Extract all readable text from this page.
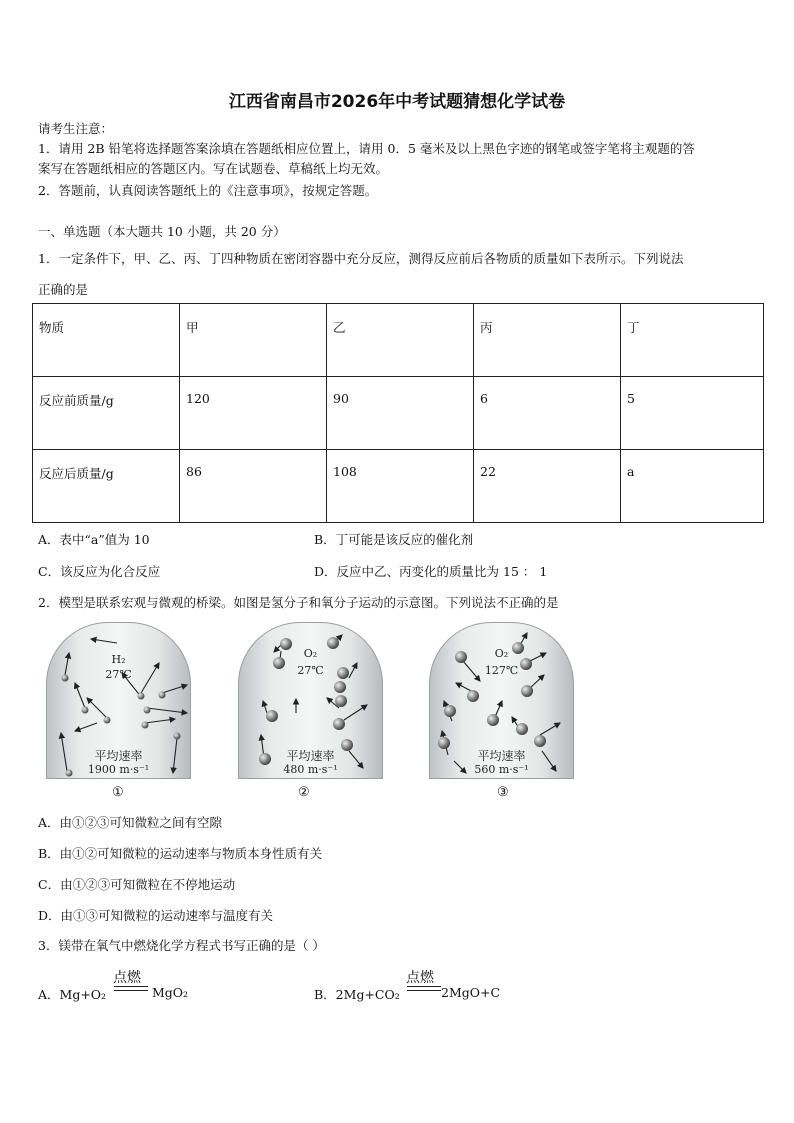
江西省南昌市2026年中考试题猜想化学试卷
请考生注意：
1．请用 2B 铅笔将选择题答案涂填在答题纸相应位置上，请用 0．5 毫米及以上黑色字迹的钢笔或签字笔将主观题的答
案写在答题纸相应的答题区内。写在试题卷、草稿纸上均无效。
2．答题前，认真阅读答题纸上的《注意事项》，按规定答题。
一、单选题（本大题共 10 小题，共 20 分）
1．一定条件下，甲、乙、丙、丁四种物质在密闭容器中充分反应，测得反应前后各物质的质量如下表所示。下列说法
正确的是
物质	甲	乙	丙	丁
反应前质量/g	120	90	6	5
反应后质量/g	86	108	22	a
A．表中“a”值为 10	B．丁可能是该反应的催化剂
C．该反应为化合反应	D．反应中乙、丙变化的质量比为 15 ： 1
2．模型是联系宏观与微观的桥梁。如图是氢分子和氧分子运动的示意图。下列说法不正确的是
H₂
27℃
平均速率
1900 m·s⁻¹
①
O₂
27℃
平均速率
480 m·s⁻¹
②
O₂
127℃
平均速率
560 m·s⁻¹
③
A．由①②③可知微粒之间有空隙
B．由①②可知微粒的运动速率与物质本身性质有关
C．由①②③可知微粒在不停地运动
D．由①③可知微粒的运动速率与温度有关
3．镁带在氧气中燃烧化学方程式书写正确的是（ ）
A．Mg+O₂
点燃
MgO₂	B．2Mg+CO₂
点燃
2MgO+C
